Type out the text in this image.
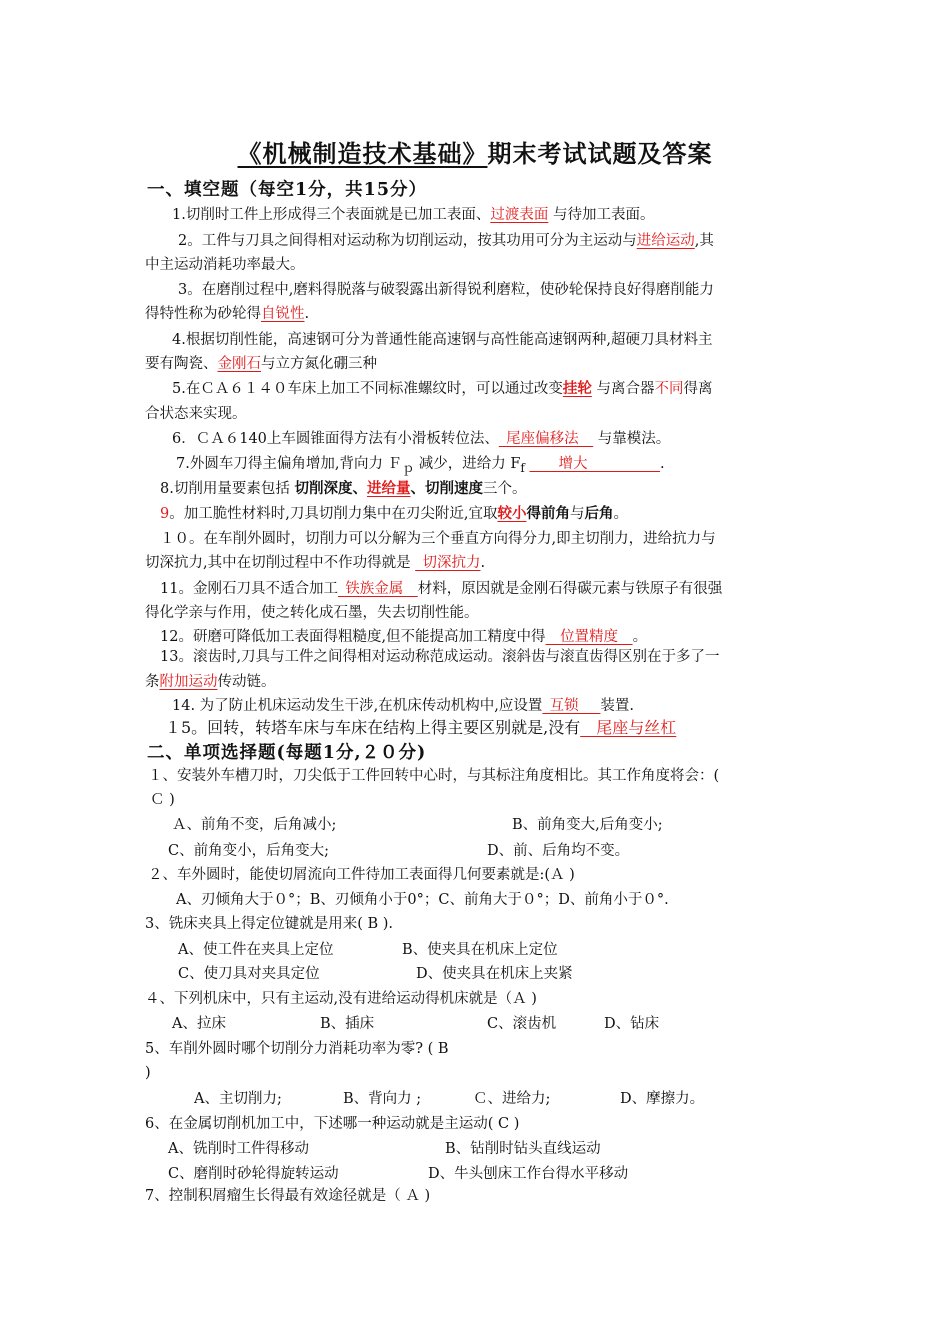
《机械制造技术基础》期末考试试题及答案
一、填空题（每空1分，共15分）
1.切削时工件上形成得三个表面就是已加工表面、过渡表面 与待加工表面。
2。工件与刀具之间得相对运动称为切削运动，按其功用可分为主运动与进给运动,其
中主运动消耗功率最大。
3。在磨削过程中,磨料得脱落与破裂露出新得锐利磨粒，使砂轮保持良好得磨削能力
得特性称为砂轮得自锐性.
4.根据切削性能，高速钢可分为普通性能高速钢与高性能高速钢两种,超硬刀具材料主
要有陶瓷、金刚石与立方氮化硼三种
5.在ＣＡ６１４０车床上加工不同标准螺纹时，可以通过改变挂轮 与离合器不同得离
合状态来实现。
6．ＣＡ６140上车圆锥面得方法有小滑板转位法、_尾座偏移法__ 与靠模法。
7.外圆车刀得主偏角增加,背向力 Ｆ$_p$ 减少，进给力 $F_f$ ____增大__________.
8.切削用量要素包括 切削深度、进给量、切削速度三个。
9。加工脆性材料时,刀具切削力集中在刃尖附近,宜取较小得前角与后角。
１０。在车削外圆时，切削力可以分解为三个垂直方向得分力,即主切削力，进给抗力与
切深抗力,其中在切削过程中不作功得就是 _切深抗力.
11。金刚石刀具不适合加工_铁族金属__材料，原因就是金刚石得碳元素与铁原子有很强
得化学亲与作用，使之转化成石墨，失去切削性能。
12。研磨可降低加工表面得粗糙度,但不能提高加工精度中得__位置精度__。
13。滚齿时,刀具与工件之间得相对运动称范成运动。滚斜齿与滚直齿得区别在于多了一
条附加运动传动链。
14. 为了防止机床运动发生干涉,在机床传动机构中,应设置_互锁___装置.
１5。回转，转塔车床与车床在结构上得主要区别就是,没有__尾座与丝杠
二、单项选择题(每题1分,２０分)
１、安装外车槽刀时，刀尖低于工件回转中心时，与其标注角度相比。其工作角度将会：(
Ｃ )
Ａ、前角不变，后角减小;	B、前角变大,后角变小;
C、前角变小，后角变大;	D、前、后角均不变。
２、车外圆时，能使切屑流向工件待加工表面得几何要素就是:(Ａ )
A、刃倾角大于０°；B、刃倾角小于0°；C、前角大于０°；D、前角小于０°.
3、铣床夹具上得定位键就是用来( B ).
A、使工件在夹具上定位	B、使夹具在机床上定位
C、使刀具对夹具定位	D、使夹具在机床上夹紧
４、下列机床中，只有主运动,没有进给运动得机床就是（Ａ )
A、拉床	B、插床	C、滚齿机	D、钻床
5、车削外圆时哪个切削分力消耗功率为零? ( B
)
A、主切削力;	B、背向力 ;	Ｃ、进给力;	D、摩擦力。
6、在金属切削机加工中，下述哪一种运动就是主运动( C )
A、铣削时工件得移动	B、钻削时钻头直线运动
C、磨削时砂轮得旋转运动	D、牛头刨床工作台得水平移动
7、控制积屑瘤生长得最有效途径就是（ Ａ )
